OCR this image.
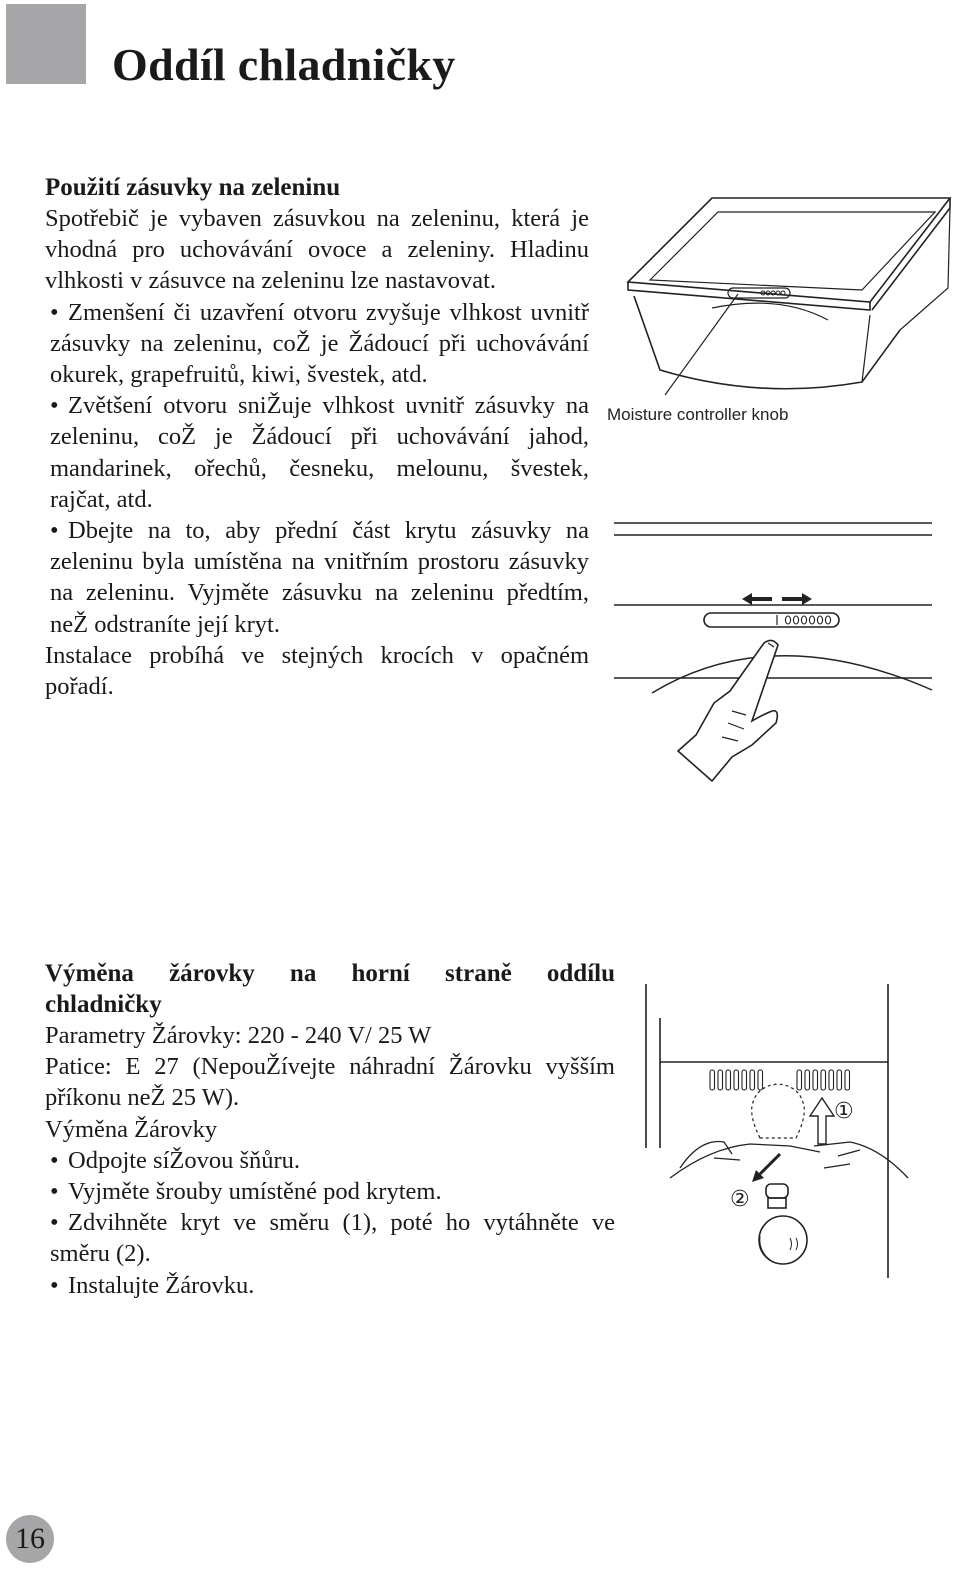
Oddíl chladničky
Použití zásuvky na zeleninu

Spotřebič je vybaven zásuvkou na zeleninu, která je vhodná pro uchovávání ovoce a zeleniny. Hladinu vlhkosti v zásuvce na zeleninu lze nastavovat.

• Zmenšení či uzavření otvoru zvyšuje vlhkost uvnitř zásuvky na zeleninu, coŽ je Žádoucí při uchovávání okurek, grapefruitů, kiwi, švestek, atd.

• Zvětšení otvoru sniŽuje vlhkost uvnitř zásuvky na zeleninu, coŽ je Žádoucí při uchovávání jahod, mandarinek, ořechů, česneku, melounu, švestek, rajčat, atd.

• Dbejte na to, aby přední část krytu zásuvky na zeleninu byla umístěna na vnitřním prostoru zásuvky na zeleninu. Vyjměte zásuvku na zeleninu předtím, neŽ odstraníte její kryt.

Instalace probíhá ve stejných krocích v opačném pořadí.

Moisture controller knob
Výměna žárovky na horní straně oddílu
chladničky

Parametry Žárovky: 220 - 240 V/ 25 W

Patice: E 27 (NepouŽívejte náhradní Žárovku vyšším příkonu neŽ 25 W).

Výměna Žárovky

• Odpojte síŽovou šňůru.

• Vyjměte šrouby umístěné pod krytem.

• Zdvihněte kryt ve směru (1), poté ho vytáhněte ve směru (2).

• Instalujte Žárovku.

①
②
16
